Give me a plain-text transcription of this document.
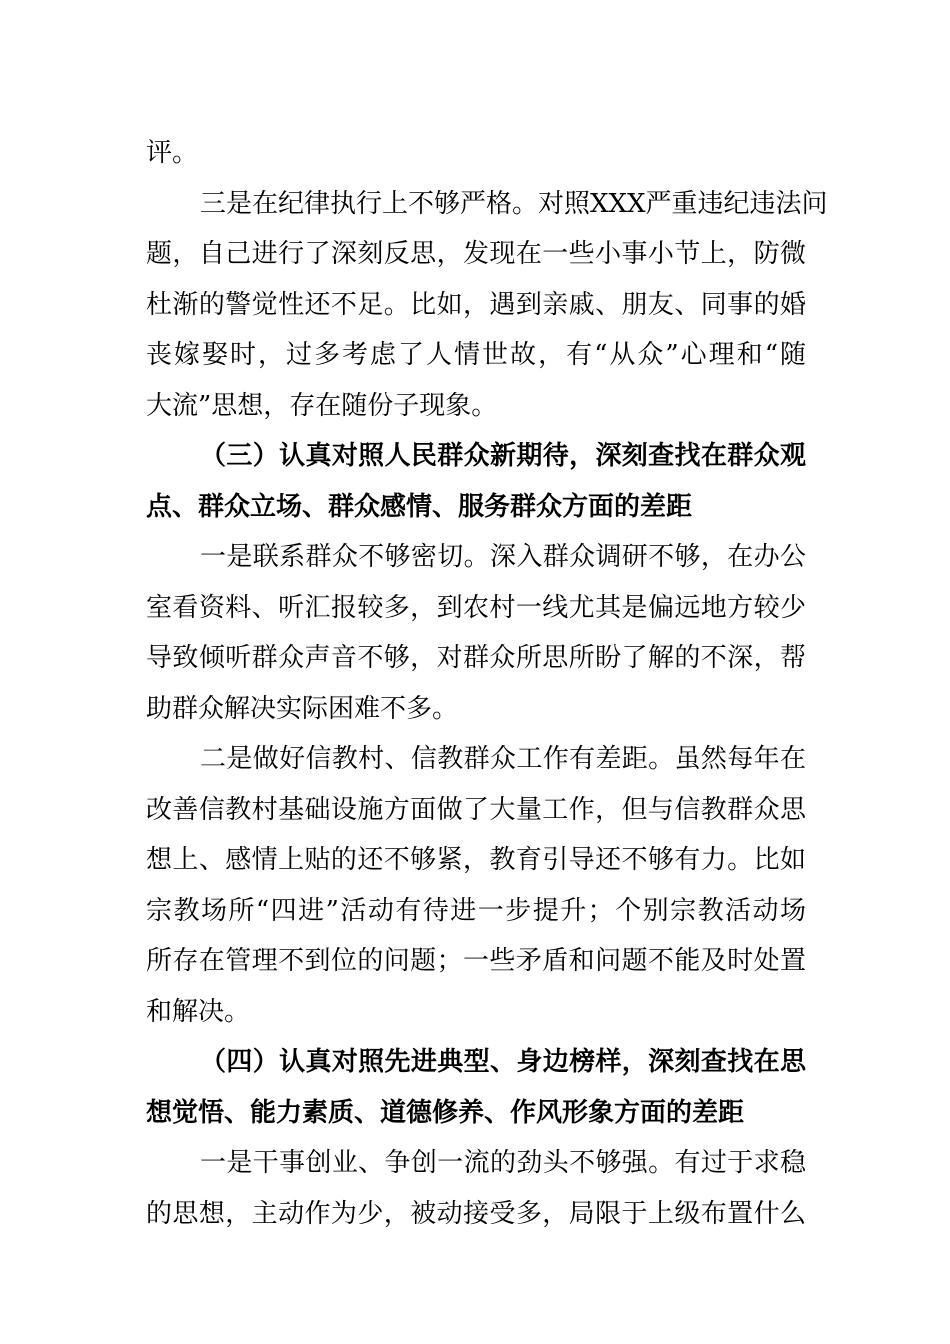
评。
三是在纪律执行上不够严格。对照XXX严重违纪违法问
题，自己进行了深刻反思，发现在一些小事小节上，防微
杜渐的警觉性还不足。比如，遇到亲戚、朋友、同事的婚
丧嫁娶时，过多考虑了人情世故，有“从众”心理和“随
大流”思想，存在随份子现象。
（三）认真对照人民群众新期待，深刻查找在群众观
点、群众立场、群众感情、服务群众方面的差距
一是联系群众不够密切。深入群众调研不够，在办公
室看资料、听汇报较多，到农村一线尤其是偏远地方较少
导致倾听群众声音不够，对群众所思所盼了解的不深，帮
助群众解决实际困难不多。
二是做好信教村、信教群众工作有差距。虽然每年在
改善信教村基础设施方面做了大量工作，但与信教群众思
想上、感情上贴的还不够紧，教育引导还不够有力。比如
宗教场所“四进”活动有待进一步提升；个别宗教活动场
所存在管理不到位的问题；一些矛盾和问题不能及时处置
和解决。
（四）认真对照先进典型、身边榜样，深刻查找在思
想觉悟、能力素质、道德修养、作风形象方面的差距
一是干事创业、争创一流的劲头不够强。有过于求稳
的思想，主动作为少，被动接受多，局限于上级布置什么
